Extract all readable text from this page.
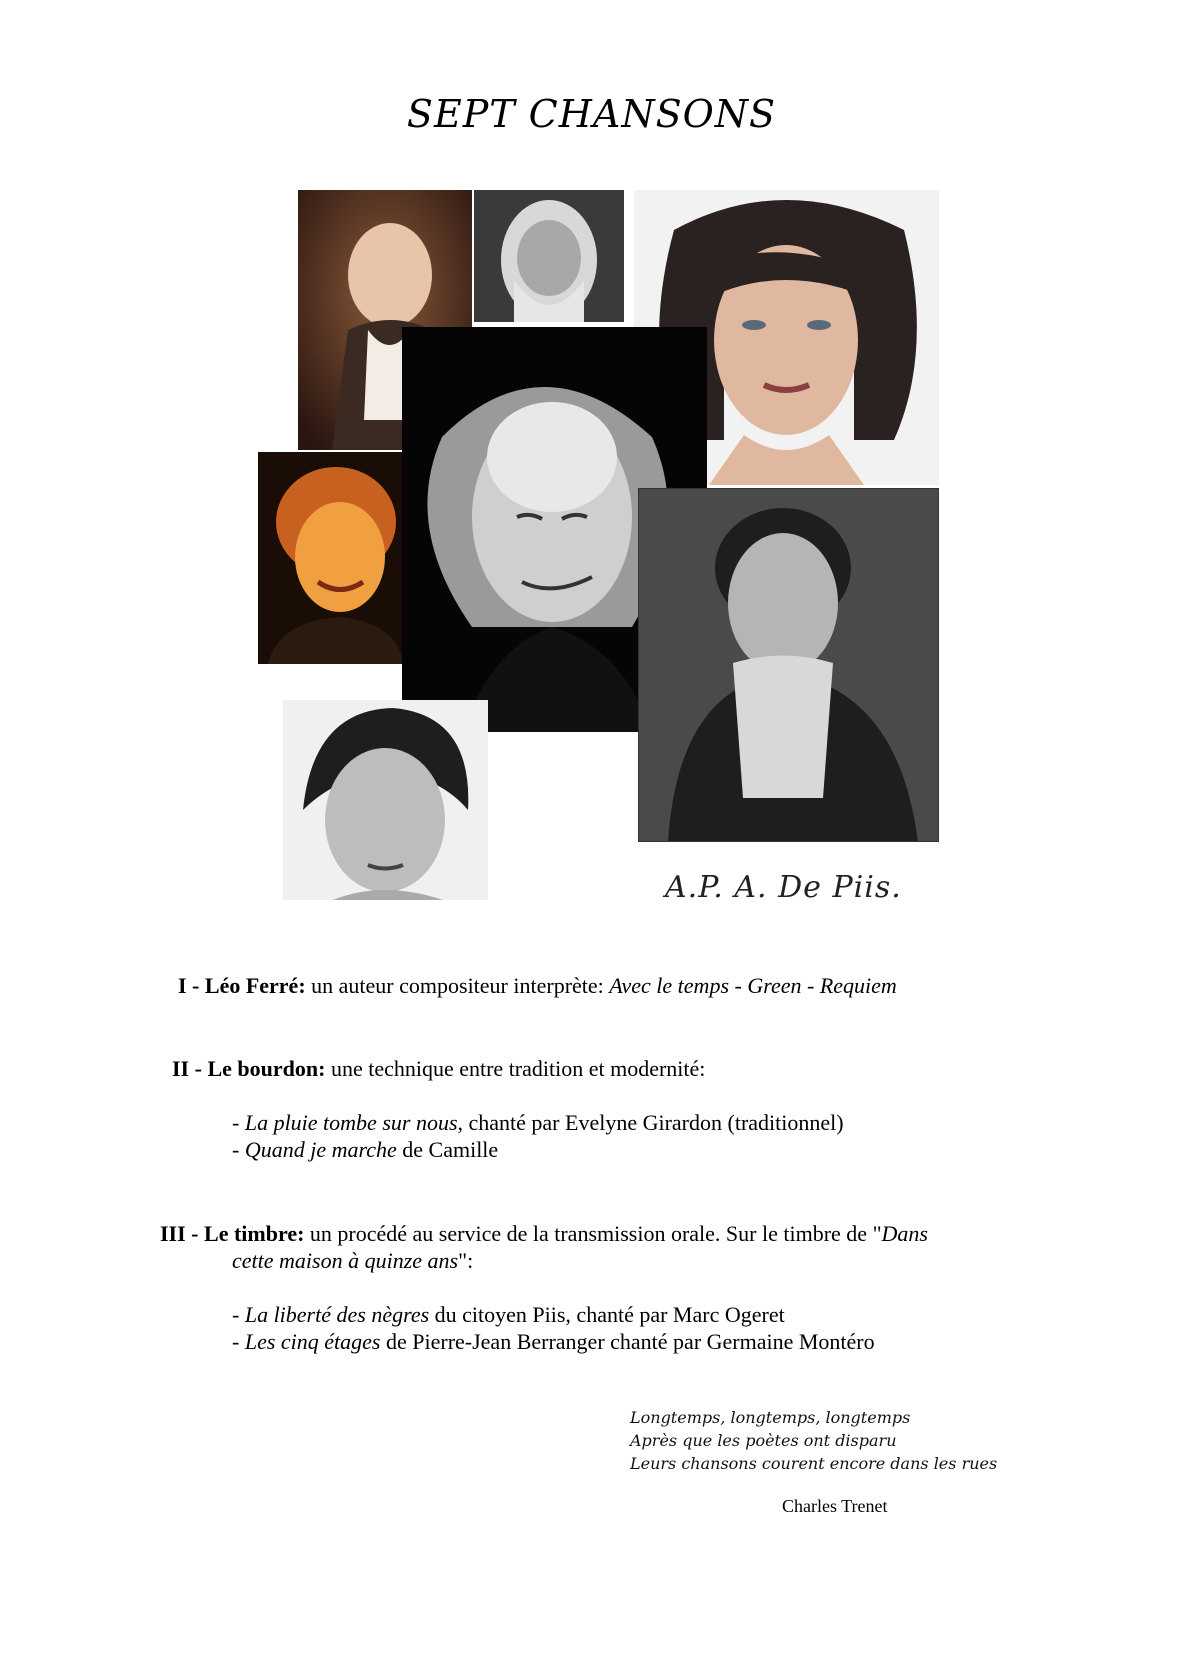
SEPT CHANSONS
A.P. A. De Piis.
I - Léo Ferré: un auteur compositeur interprète: Avec le temps - Green - Requiem
II - Le bourdon: une technique entre tradition et modernité:
- La pluie tombe sur nous, chanté par Evelyne Girardon (traditionnel)
- Quand je marche de Camille
III - Le timbre: un procédé au service de la transmission orale. Sur le timbre de "Dans
cette maison à quinze ans":
- La liberté des nègres du citoyen Piis, chanté par Marc Ogeret
- Les cinq étages de Pierre-Jean Berranger chanté par Germaine Montéro
Longtemps, longtemps, longtemps
Après que les poètes ont disparu
Leurs chansons courent encore dans les rues
Charles Trenet
